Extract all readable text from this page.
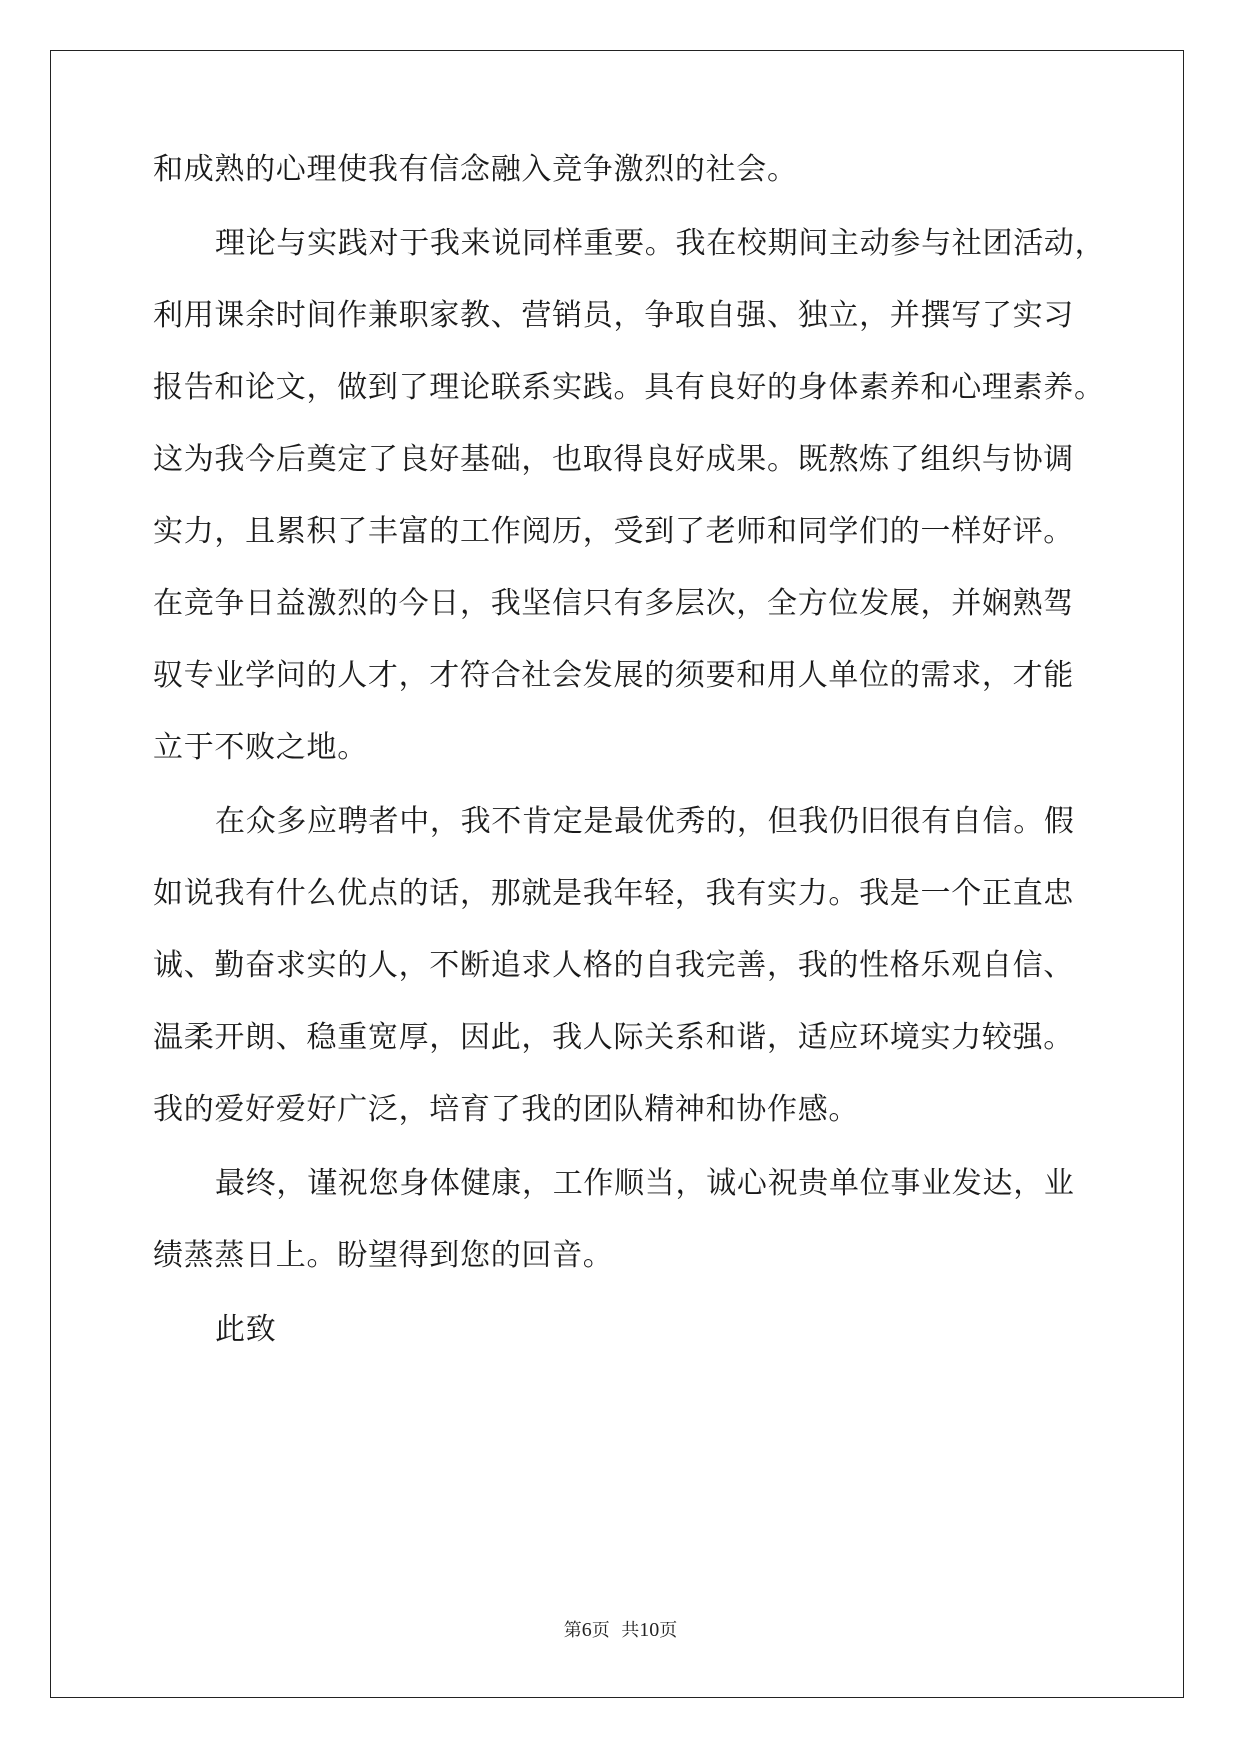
和成熟的心理使我有信念融入竞争激烈的社会。
理论与实践对于我来说同样重要。我在校期间主动参与社团活动，
利用课余时间作兼职家教、营销员，争取自强、独立，并撰写了实习
报告和论文，做到了理论联系实践。具有良好的身体素养和心理素养。
这为我今后奠定了良好基础，也取得良好成果。既熬炼了组织与协调
实力，且累积了丰富的工作阅历，受到了老师和同学们的一样好评。
在竞争日益激烈的今日，我坚信只有多层次，全方位发展，并娴熟驾
驭专业学问的人才，才符合社会发展的须要和用人单位的需求，才能
立于不败之地。
在众多应聘者中，我不肯定是最优秀的，但我仍旧很有自信。假
如说我有什么优点的话，那就是我年轻，我有实力。我是一个正直忠
诚、勤奋求实的人，不断追求人格的自我完善，我的性格乐观自信、
温柔开朗、稳重宽厚，因此，我人际关系和谐，适应环境实力较强。
我的爱好爱好广泛，培育了我的团队精神和协作感。
最终，谨祝您身体健康，工作顺当，诚心祝贵单位事业发达，业
绩蒸蒸日上。盼望得到您的回音。
此致
第6页  共10页
